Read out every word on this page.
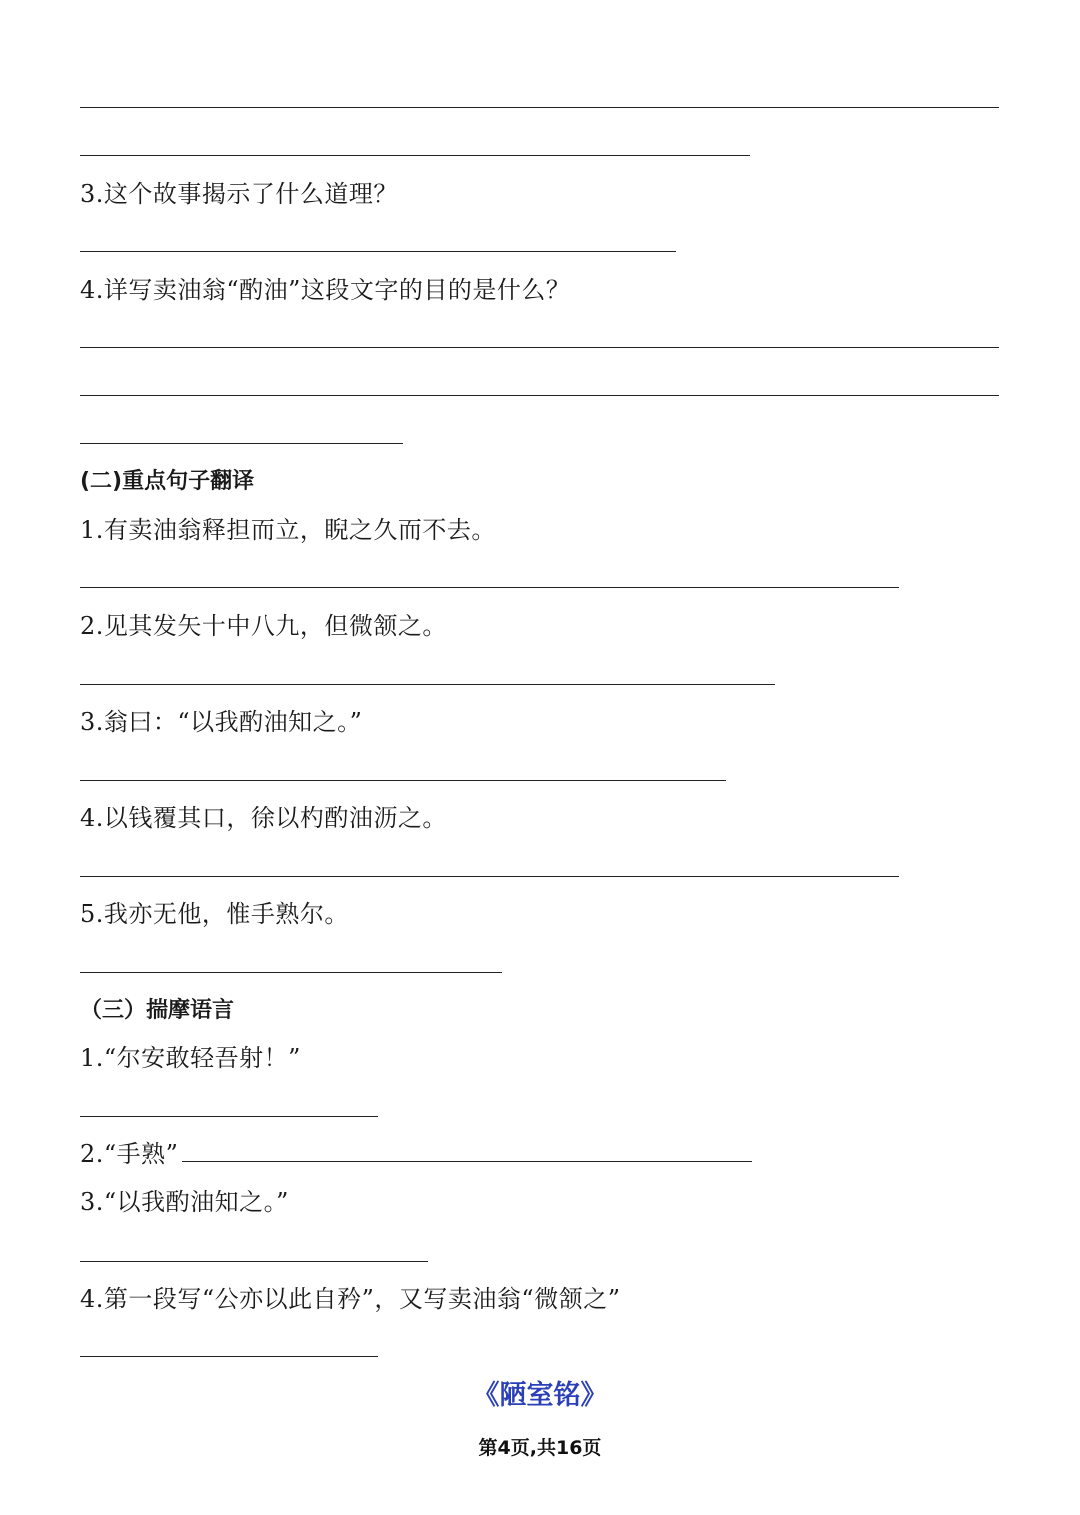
3.这个故事揭示了什么道理？
4.详写卖油翁“酌油”这段文字的目的是什么？
(二)重点句子翻译
1.有卖油翁释担而立，睨之久而不去。
2.见其发矢十中八九，但微颔之。
3.翁曰：“以我酌油知之。”
4.以钱覆其口，徐以杓酌油沥之。
5.我亦无他，惟手熟尔。
（三）揣摩语言
1.“尔安敢轻吾射！”
2.“手熟”
3.“以我酌油知之。”
4.第一段写“公亦以此自矜”，又写卖油翁“微颔之”
《陋室铭》
第4页,共16页
